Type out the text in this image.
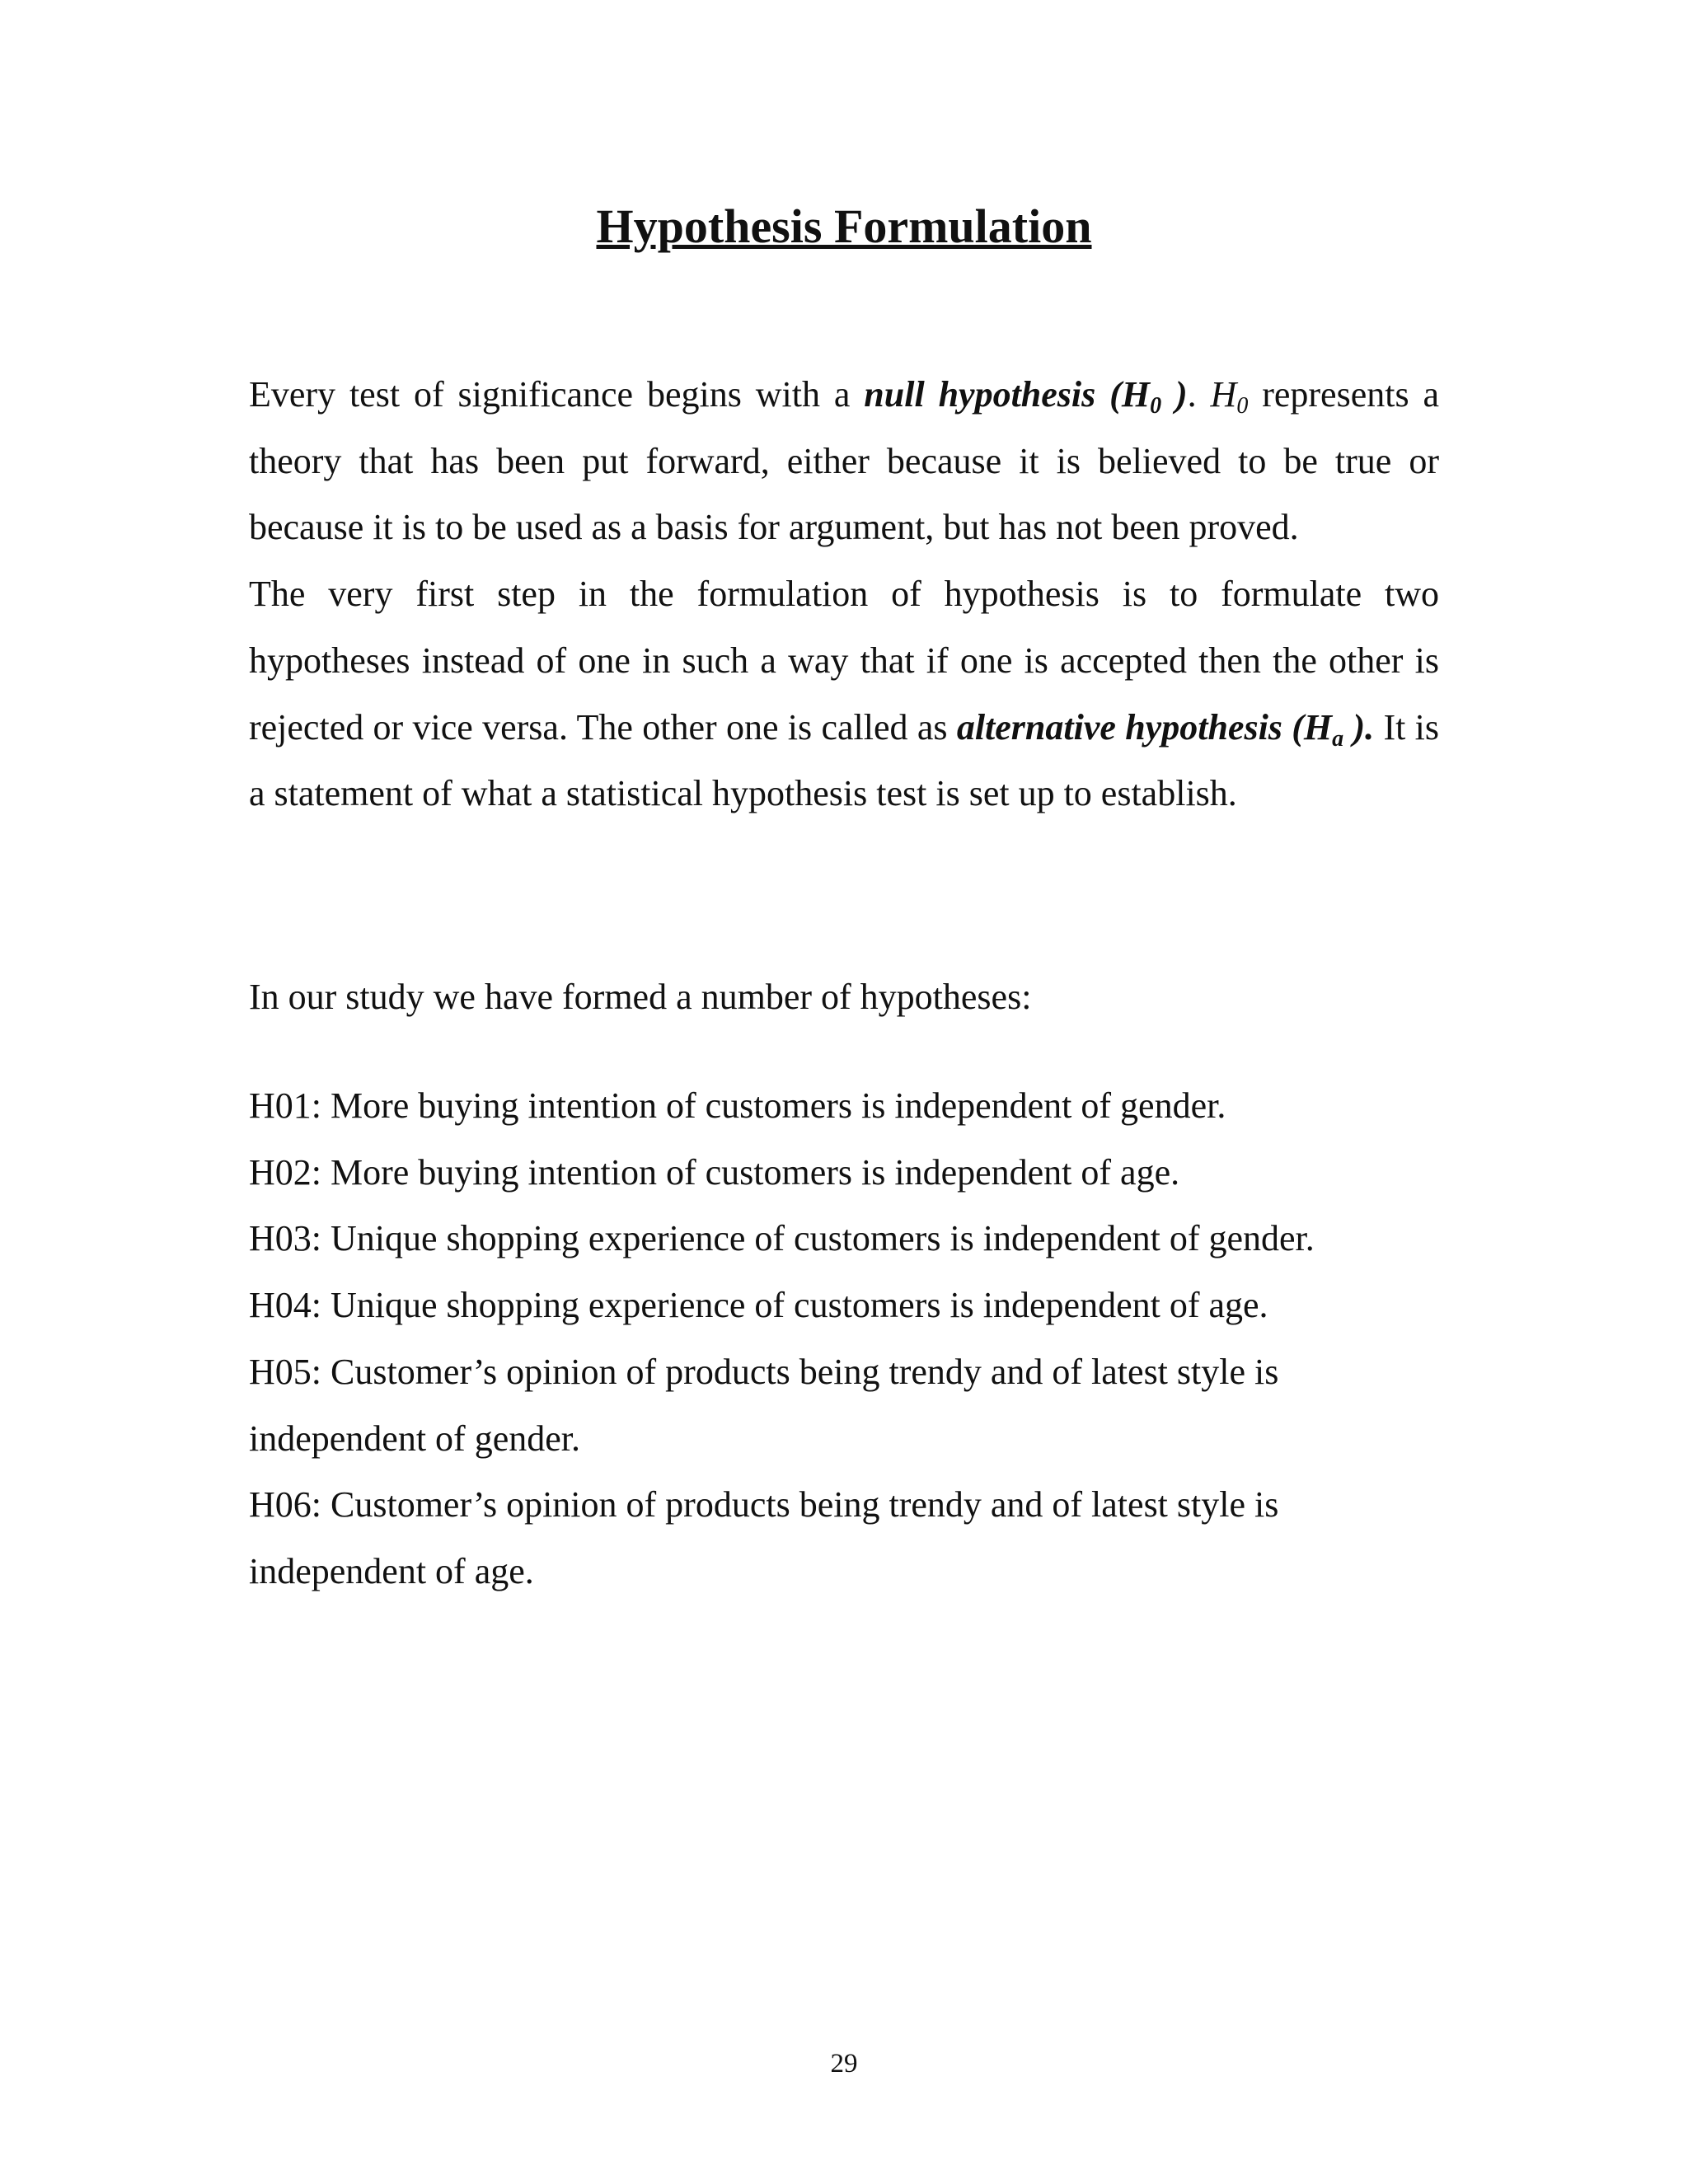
Hypothesis Formulation
Every test of significance begins with a null hypothesis ($H_0$ ). $H_0$ represents a theory that has been put forward, either because it is believed to be true or because it is to be used as a basis for argument, but has not been proved.
The very first step in the formulation of hypothesis is to formulate two hypotheses instead of one in such a way that if one is accepted then the other is rejected or vice versa. The other one is called as alternative hypothesis ($H_a$ ). It is a statement of what a statistical hypothesis test is set up to establish.
In our study we have formed a number of hypotheses:
H01: More buying intention of customers is independent of gender.
H02: More buying intention of customers is independent of age.
H03: Unique shopping experience of customers is independent of gender.
H04: Unique shopping experience of customers is independent of age.
H05: Customer’s opinion of products being trendy and of latest style is independent of gender.
H06: Customer’s opinion of products being trendy and of latest style is independent of age.
29
